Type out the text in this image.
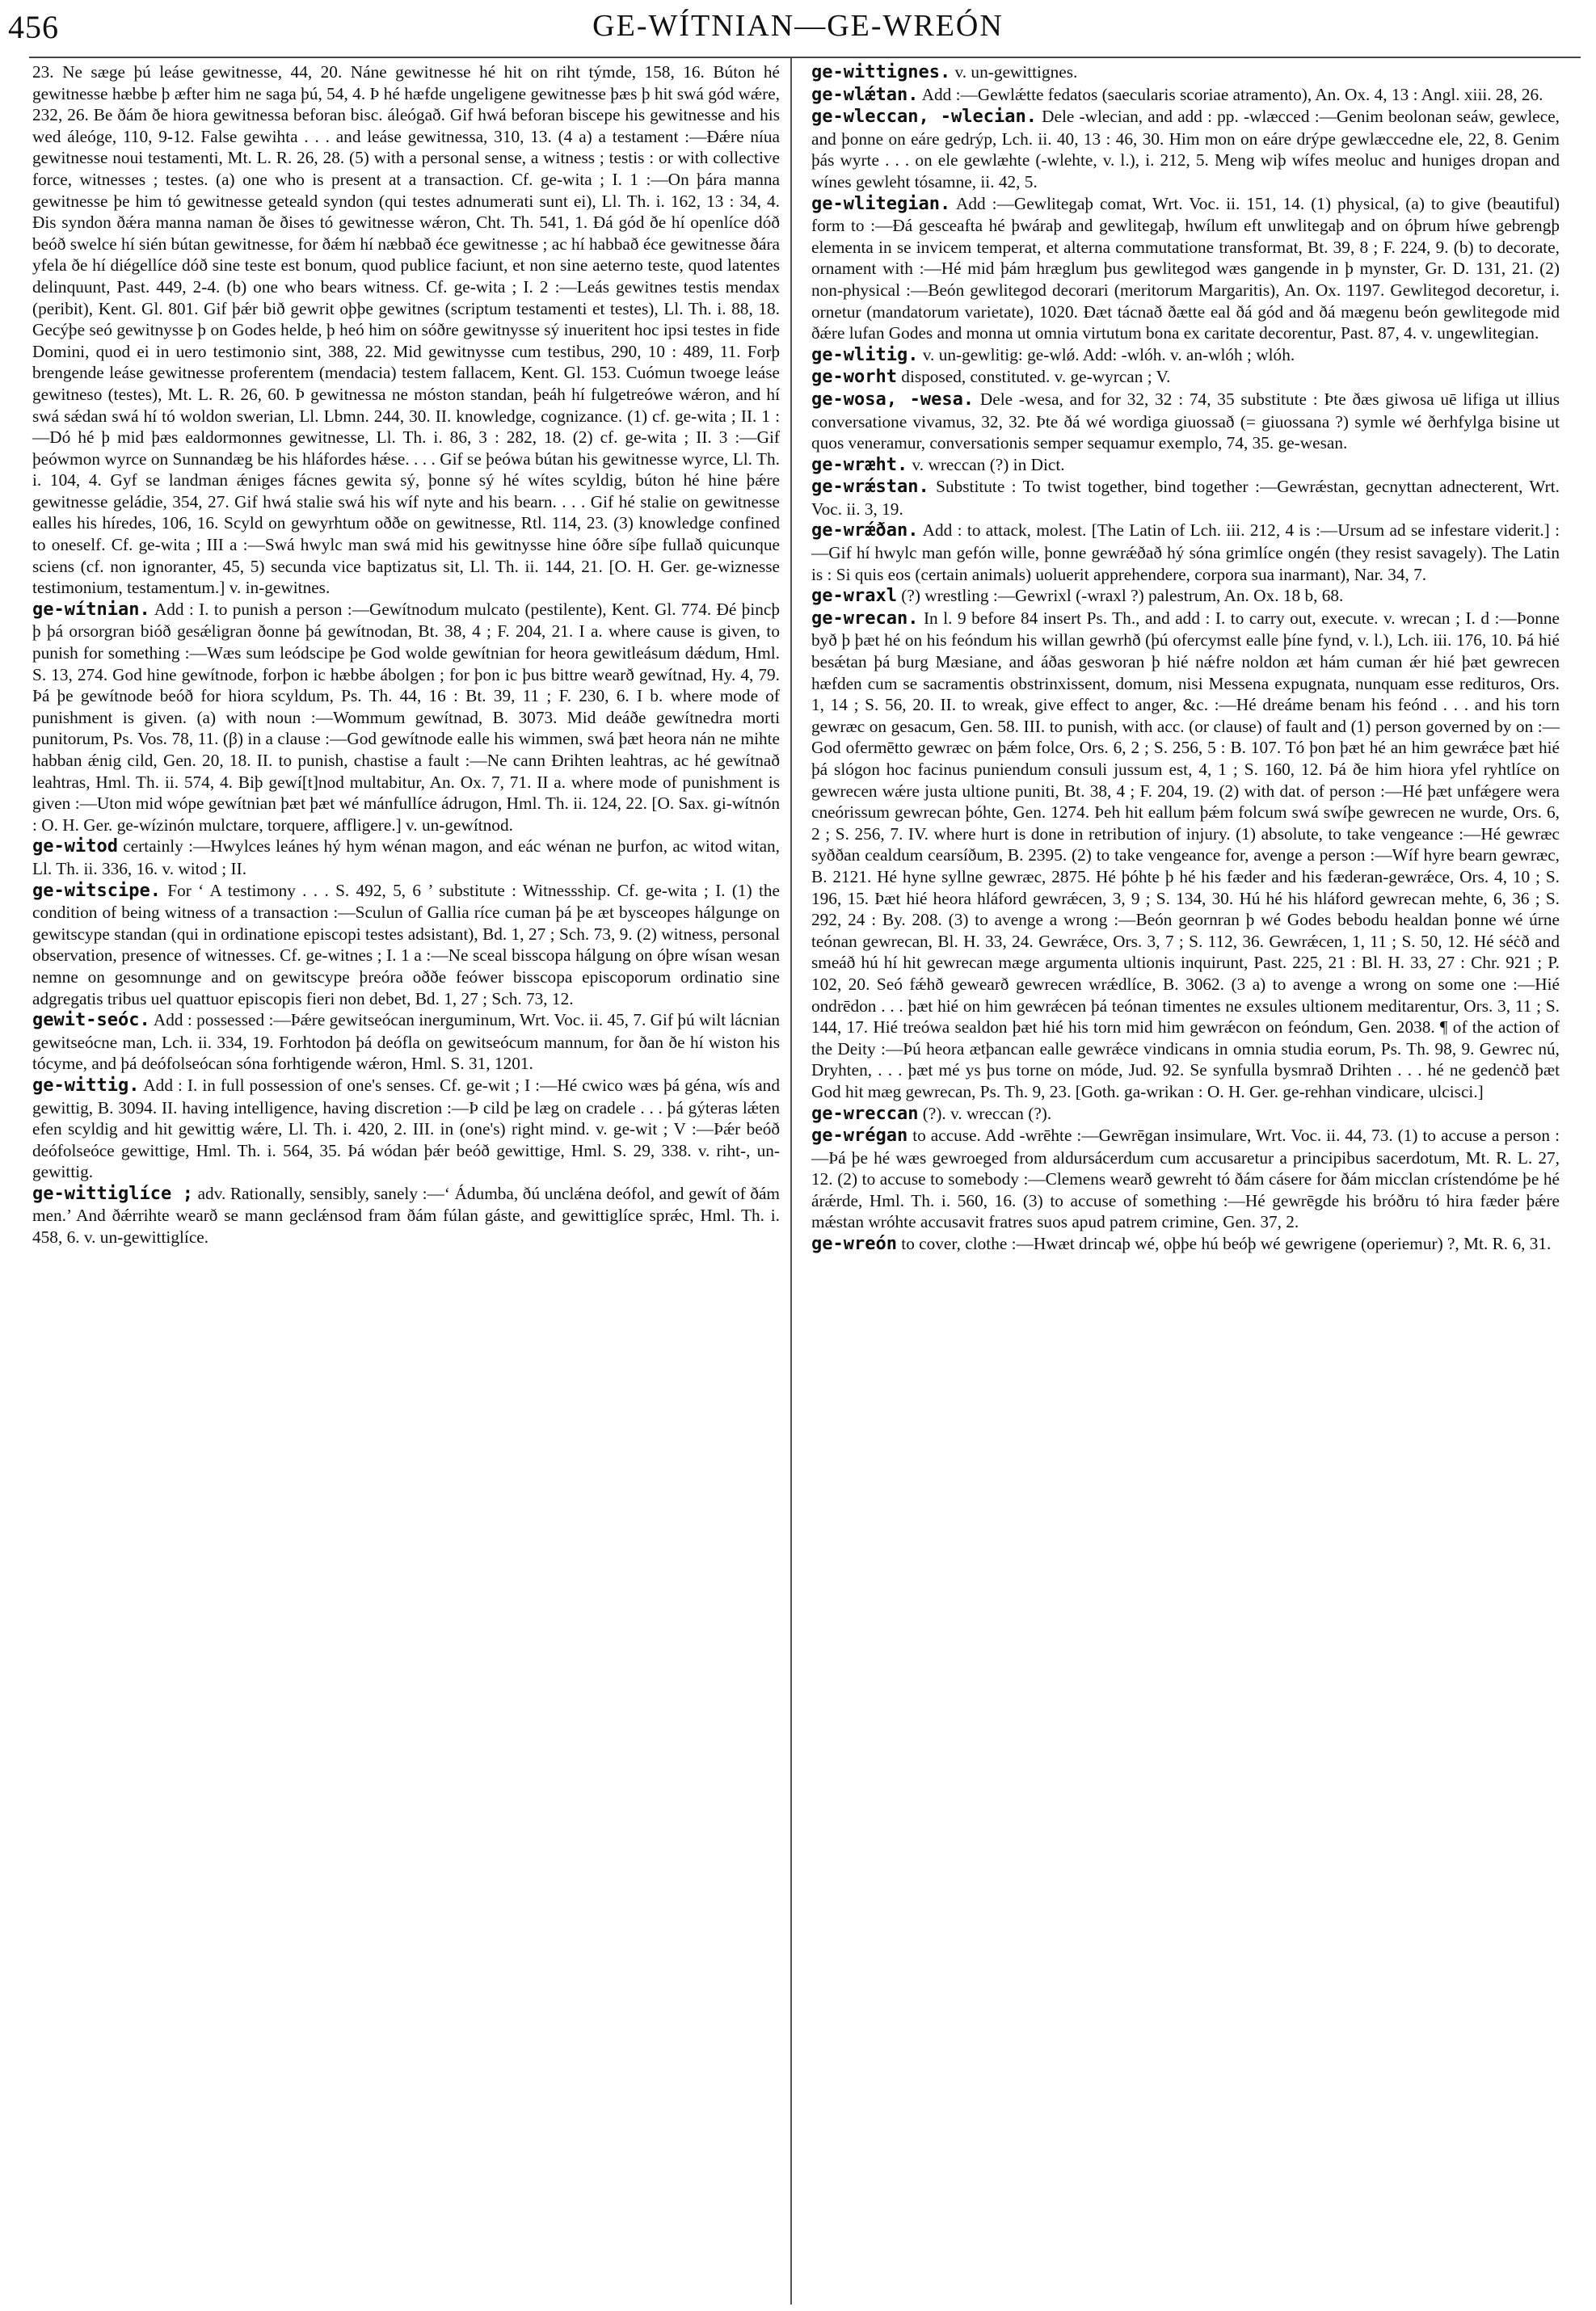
456	GE-WÍTNIAN—GE-WREÓN

23. Ne sæge þú leáse gewitnesse, 44, 20. Náne gewitnesse hé hit on riht týmde, 158, 16. Búton hé gewitnesse hæbbe þ æfter him ne saga þú, 54, 4. Þ hé hæfde ungeligene gewitnesse þæs þ hit swá gód wǽre, 232, 26. Be ðám ðe hiora gewitnessa beforan bisc. áleógað. Gif hwá beforan biscepe his gewitnesse and his wed áleóge, 110, 9-12. False gewihta . . . and leáse gewitnessa, 310, 13. (4 a) a testament :—Ðǽre níua gewitnesse noui testamenti, Mt. L. R. 26, 28. (5) with a personal sense, a witness ; testis : or with collective force, witnesses ; testes. (a) one who is present at a transaction. Cf. ge-wita ; I. 1 :—On þára manna gewitnesse þe him tó gewitnesse geteald syndon (qui testes adnumerati sunt ei), Ll. Th. i. 162, 13 : 34, 4. Ðis syndon ðǽra manna naman ðe ðises tó gewitnesse wǽron, Cht. Th. 541, 1. Ðá gód ðe hí openlíce dóð beóð swelce hí sién bútan gewitnesse, for ðǽm hí næbbað éce gewitnesse ; ac hí habbað éce gewitnesse ðára yfela ðe hí diégellíce dóð sine teste est bonum, quod publice faciunt, et non sine aeterno teste, quod latentes delinquunt, Past. 449, 2-4. (b) one who bears witness. Cf. ge-wita ; I. 2 :—Leás gewitnes testis mendax (peribit), Kent. Gl. 801. Gif þǽr bið gewrit oþþe gewitnes (scriptum testamenti et testes), Ll. Th. i. 88, 18. Gecýþe seó gewitnysse þ on Godes helde, þ heó him on sóðre gewitnysse sý inueritent hoc ipsi testes in fide Domini, quod ei in uero testimonio sint, 388, 22. Mid gewitnysse cum testibus, 290, 10 : 489, 11. Forþ brengende leáse gewitnesse proferentem (mendacia) testem fallacem, Kent. Gl. 153. Cuómun twoege leáse gewitneso (testes), Mt. L. R. 26, 60. Þ gewitnessa ne móston standan, þeáh hí fulgetreówe wǽron, and hí swá sǽdan swá hí tó woldon swerian, Ll. Lbmn. 244, 30. II. knowledge, cognizance. (1) cf. ge-wita ; II. 1 :—Dó hé þ mid þæs ealdormonnes gewitnesse, Ll. Th. i. 86, 3 : 282, 18. (2) cf. ge-wita ; II. 3 :—Gif þeówmon wyrce on Sunnandæg be his hláfordes hǽse. . . . Gif se þeówa bútan his gewitnesse wyrce, Ll. Th. i. 104, 4. Gyf se landman ǽniges fácnes gewita sý, þonne sý hé wítes scyldig, búton hé hine þǽre gewitnesse geládie, 354, 27. Gif hwá stalie swá his wíf nyte and his bearn. . . . Gif hé stalie on gewitnesse ealles his híredes, 106, 16. Scyld on gewyrhtum oððe on gewitnesse, Rtl. 114, 23. (3) knowledge confined to oneself. Cf. ge-wita ; III a :—Swá hwylc man swá mid his gewitnysse hine óðre síþe fullað quicunque sciens (cf. non ignoranter, 45, 5) secunda vice baptizatus sit, Ll. Th. ii. 144, 21. [O. H. Ger. ge-wiznesse testimonium, testamentum.] v. in-gewitnes.

ge-wítnian. Add : I. to punish a person :—Gewítnodum mulcato (pestilente), Kent. Gl. 774. Ðé þincþ þ þá orsorgran bióð gesǽligran ðonne þá gewítnodan, Bt. 38, 4 ; F. 204, 21. I a. where cause is given, to punish for something :—Wæs sum leódscipe þe God wolde gewítnian for heora gewitleásum dǽdum, Hml. S. 13, 274. God hine gewítnode, forþon ic hæbbe ábolgen ; for þon ic þus bittre wearð gewítnad, Hy. 4, 79. Þá þe gewítnode beóð for hiora scyldum, Ps. Th. 44, 16 : Bt. 39, 11 ; F. 230, 6. I b. where mode of punishment is given. (a) with noun :—Wommum gewítnad, B. 3073. Mid deáðe gewítnedra morti punitorum, Ps. Vos. 78, 11. (β) in a clause :—God gewítnode ealle his wimmen, swá þæt heora nán ne mihte habban ǽnig cild, Gen. 20, 18. II. to punish, chastise a fault :—Ne cann Ðrihten leahtras, ac hé gewítnað leahtras, Hml. Th. ii. 574, 4. Biþ gewí[t]nod multabitur, An. Ox. 7, 71. II a. where mode of punishment is given :—Uton mid wópe gewítnian þæt þæt wé mánfullíce ádrugon, Hml. Th. ii. 124, 22. [O. Sax. gi-wítnón : O. H. Ger. ge-wízinón mulctare, torquere, affligere.] v. un-gewítnod.

ge-witod certainly :—Hwylces leánes hý hym wénan magon, and eác wénan ne þurfon, ac witod witan, Ll. Th. ii. 336, 16. v. witod ; II.

ge-witscipe. For ‘ A testimony . . . S. 492, 5, 6 ’ substitute : Witnessship. Cf. ge-wita ; I. (1) the condition of being witness of a transaction :—Sculun of Gallia ríce cuman þá þe æt bysceopes hálgunge on gewitscype standan (qui in ordinatione episcopi testes adsistant), Bd. 1, 27 ; Sch. 73, 9. (2) witness, personal observation, presence of witnesses. Cf. ge-witnes ; I. 1 a :—Ne sceal bisscopa hálgung on óþre wísan wesan nemne on gesomnunge and on gewitscype þreóra oððe feówer bisscopa episcoporum ordinatio sine adgregatis tribus uel quattuor episcopis fieri non debet, Bd. 1, 27 ; Sch. 73, 12.

gewit-seóc. Add : possessed :—Þǽre gewitseócan inerguminum, Wrt. Voc. ii. 45, 7. Gif þú wilt lácnian gewitseócne man, Lch. ii. 334, 19. Forhtodon þá deófla on gewitseócum mannum, for ðan ðe hí wiston his tócyme, and þá deófolseócan sóna forhtigende wǽron, Hml. S. 31, 1201.

ge-wittig. Add : I. in full possession of one's senses. Cf. ge-wit ; I :—Hé cwico wæs þá géna, wís and gewittig, B. 3094. II. having intelligence, having discretion :—Þ cild þe læg on cradele . . . þá gýteras lǽten efen scyldig and hit gewittig wǽre, Ll. Th. i. 420, 2. III. in (one's) right mind. v. ge-wit ; V :—Þǽr beóð deófolseóce gewittige, Hml. Th. i. 564, 35. Þá wódan þǽr beóð gewittige, Hml. S. 29, 338. v. riht-, un-gewittig.

ge-wittiglíce ; adv. Rationally, sensibly, sanely :—‘ Ádumba, ðú unclǽna deófol, and gewít of ðám men.’ And ðǽrrihte wearð se mann geclǽnsod fram ðám fúlan gáste, and gewittiglíce sprǽc, Hml. Th. i. 458, 6. v. un-gewittiglíce.

ge-wittignes. v. un-gewittignes.

ge-wlǽtan. Add :—Gewlǽtte fedatos (saecularis scoriae atramento), An. Ox. 4, 13 : Angl. xiii. 28, 26.

ge-wleccan, -wlecian. Dele -wlecian, and add : pp. -wlæcced :—Genim beolonan seáw, gewlece, and þonne on eáre gedrýp, Lch. ii. 40, 13 : 46, 30. Him mon on eáre drýpe gewlæccedne ele, 22, 8. Genim þás wyrte . . . on ele gewlæhte (-wlehte, v. l.), i. 212, 5. Meng wiþ wífes meoluc and huniges dropan and wínes gewleht tósamne, ii. 42, 5.

ge-wlitegian. Add :—Gewlitegaþ comat, Wrt. Voc. ii. 151, 14. (1) physical, (a) to give (beautiful) form to :—Ðá gesceafta hé þwáraþ and gewlitegaþ, hwílum eft unwlitegaþ and on óþrum híwe gebrengþ elementa in se invicem temperat, et alterna commutatione transformat, Bt. 39, 8 ; F. 224, 9. (b) to decorate, ornament with :—Hé mid þám hræglum þus gewlitegod wæs gangende in þ mynster, Gr. D. 131, 21. (2) non-physical :—Beón gewlitegod decorari (meritorum Margaritis), An. Ox. 1197. Gewlitegod decoretur, i. ornetur (mandatorum varietate), 1020. Ðæt tácnað ðætte eal ðá gód and ðá mægenu beón gewlitegode mid ðǽre lufan Godes and monna ut omnia virtutum bona ex caritate decorentur, Past. 87, 4. v. ungewlitegian.

ge-wlitig. v. un-gewlitig: ge-wlǿ. Add: -wlóh. v. an-wlóh ; wlóh.

ge-worht disposed, constituted. v. ge-wyrcan ; V.

ge-wosa, -wesa. Dele -wesa, and for 32, 32 : 74, 35 substitute : Þte ðæs giwosa uē lifiga ut illius conversatione vivamus, 32, 32. Þte ðá wé wordiga giuossað (= giuossana ?) symle wé ðerhfylga bisine ut quos veneramur, conversationis semper sequamur exemplo, 74, 35. ge-wesan.

ge-wræht. v. wreccan (?) in Dict.

ge-wrǽstan. Substitute : To twist together, bind together :—Gewrǽstan, gecnyttan adnecterent, Wrt. Voc. ii. 3, 19.

ge-wrǽðan. Add : to attack, molest. [The Latin of Lch. iii. 212, 4 is :—Ursum ad se infestare viderit.] :—Gif hí hwylc man gefón wille, þonne gewrǽðað hý sóna grimlíce ongén (they resist savagely). The Latin is : Si quis eos (certain animals) uoluerit apprehendere, corpora sua inarmant), Nar. 34, 7.

ge-wraxl (?) wrestling :—Gewrixl (-wraxl ?) palestrum, An. Ox. 18 b, 68.

ge-wrecan. In l. 9 before 84 insert Ps. Th., and add : I. to carry out, execute. v. wrecan ; I. d :—Þonne byð þ þæt hé on his feóndum his willan gewrhð (þú ofercymst ealle þíne fynd, v. l.), Lch. iii. 176, 10. Þá hié besǽtan þá burg Mæsiane, and áðas gesworan þ hié nǽfre noldon æt hám cuman ǽr hié þæt gewrecen hæfden cum se sacramentis obstrinxissent, domum, nisi Messena expugnata, nunquam esse redituros, Ors. 1, 14 ; S. 56, 20. II. to wreak, give effect to anger, &c. :—Hé dreáme benam his feónd . . . and his torn gewræc on gesacum, Gen. 58. III. to punish, with acc. (or clause) of fault and (1) person governed by on :—God ofermētto gewræc on þǽm folce, Ors. 6, 2 ; S. 256, 5 : B. 107. Tó þon þæt hé an him gewrǽce þæt hié þá slógon hoc facinus puniendum consuli jussum est, 4, 1 ; S. 160, 12. Þá ðe him hiora yfel ryhtlíce on gewrecen wǽre justa ultione puniti, Bt. 38, 4 ; F. 204, 19. (2) with dat. of person :—Hé þæt unfǽgere wera cneórissum gewrecan þóhte, Gen. 1274. Þeh hit eallum þǽm folcum swá swíþe gewrecen ne wurde, Ors. 6, 2 ; S. 256, 7. IV. where hurt is done in retribution of injury. (1) absolute, to take vengeance :—Hé gewræc syððan cealdum cearsíðum, B. 2395. (2) to take vengeance for, avenge a person :—Wíf hyre bearn gewræc, B. 2121. Hé hyne syllne gewræc, 2875. Hé þóhte þ hé his fæder and his fæderan-gewrǽce, Ors. 4, 10 ; S. 196, 15. Þæt hié heora hláford gewrǽcen, 3, 9 ; S. 134, 30. Hú hé his hláford gewrecan mehte, 6, 36 ; S. 292, 24 : By. 208. (3) to avenge a wrong :—Beón geornran þ wé Godes bebodu healdan þonne wé úrne teónan gewrecan, Bl. H. 33, 24. Gewrǽce, Ors. 3, 7 ; S. 112, 36. Gewrǽcen, 1, 11 ; S. 50, 12. Hé séċð and smeáð hú hí hit gewrecan mæge argumenta ultionis inquirunt, Past. 225, 21 : Bl. H. 33, 27 : Chr. 921 ; P. 102, 20. Seó fǽhð gewearð gewrecen wrǽdlíce, B. 3062. (3 a) to avenge a wrong on some one :—Hié ondrēdon . . . þæt hié on him gewrǽcen þá teónan timentes ne exsules ultionem meditarentur, Ors. 3, 11 ; S. 144, 17. Hié treówa sealdon þæt hié his torn mid him gewrǽcon on feóndum, Gen. 2038. ¶ of the action of the Deity :—Þú heora ætþancan ealle gewrǽce vindicans in omnia studia eorum, Ps. Th. 98, 9. Gewrec nú, Dryhten, . . . þæt mé ys þus torne on móde, Jud. 92. Se synfulla bysmrað Drihten . . . hé ne gedenċð þæt God hit mæg gewrecan, Ps. Th. 9, 23. [Goth. ga-wrikan : O. H. Ger. ge-rehhan vindicare, ulcisci.]

ge-wreccan (?). v. wreccan (?).

ge-wrégan to accuse. Add -wrēhte :—Gewrēgan insimulare, Wrt. Voc. ii. 44, 73. (1) to accuse a person :—Þá þe hé wæs gewroeged from aldursácerdum cum accusaretur a principibus sacerdotum, Mt. R. L. 27, 12. (2) to accuse to somebody :—Clemens wearð gewreht tó ðám cásere for ðám micclan crístendóme þe hé árǽrde, Hml. Th. i. 560, 16. (3) to accuse of something :—Hé gewrēgde his bróðru tó hira fæder þǽre mǽstan wróhte accusavit fratres suos apud patrem crimine, Gen. 37, 2.

ge-wreón to cover, clothe :—Hwæt drincaþ wé, oþþe hú beóþ wé gewrigene (operiemur) ?, Mt. R. 6, 31.
